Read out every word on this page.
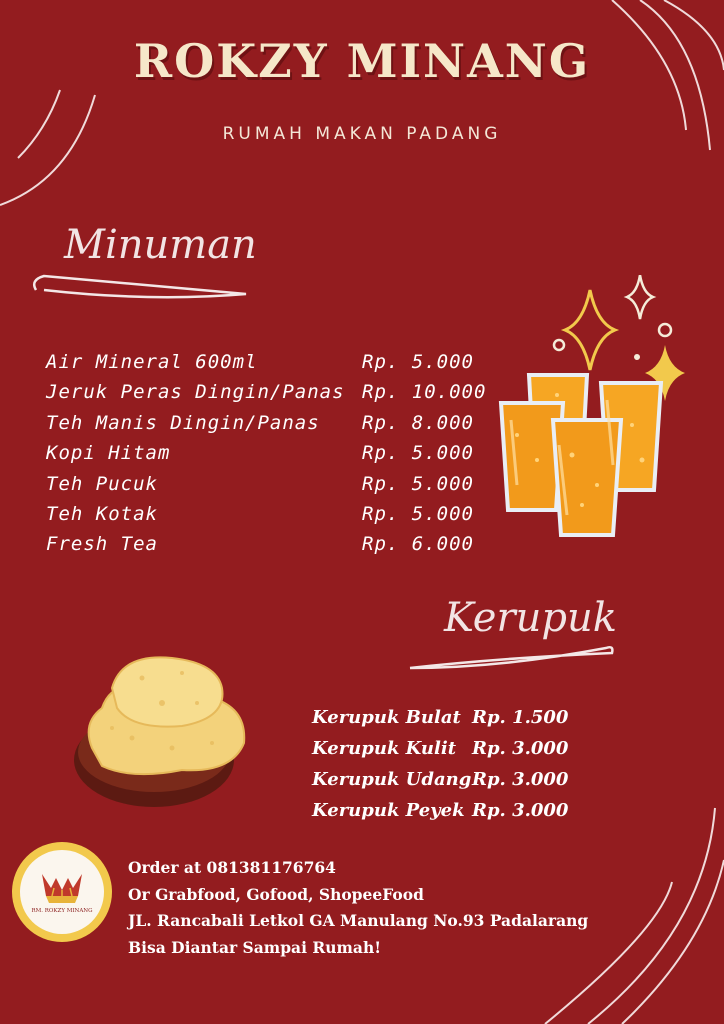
ROKZY MINANG
RUMAH MAKAN PADANG
Minuman
Air Mineral 600ml	Rp. 5.000
Jeruk Peras Dingin/Panas Rp. 10.000
Teh Manis Dingin/Panas	Rp. 8.000
Kopi Hitam	Rp. 5.000
Teh Pucuk	Rp. 5.000
Teh Kotak	Rp. 5.000
Fresh Tea	Rp. 6.000
Kerupuk
Kerupuk Bulat Rp. 1.500
Kerupuk Kulit Rp. 3.000
Kerupuk Udang Rp. 3.000
Kerupuk Peyek Rp. 3.000
RM. ROKZY MINANG
Order at 081381176764
Or Grabfood, Gofood, ShopeeFood
JL. Rancabali Letkol GA Manulang No.93 Padalarang
Bisa Diantar Sampai Rumah!
